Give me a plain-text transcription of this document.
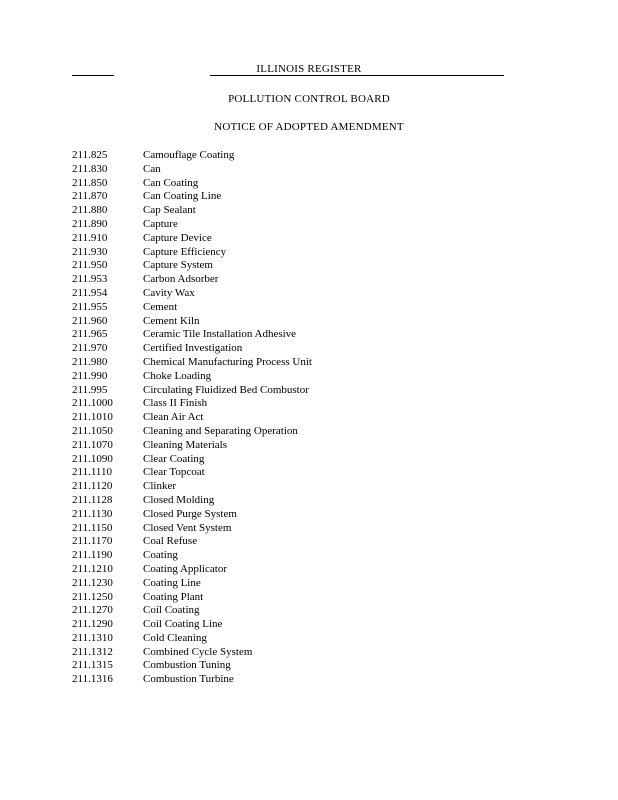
ILLINOIS REGISTER
POLLUTION CONTROL BOARD
NOTICE OF ADOPTED AMENDMENT
211.825	Camouflage Coating
211.830	Can
211.850	Can Coating
211.870	Can Coating Line
211.880	Cap Sealant
211.890	Capture
211.910	Capture Device
211.930	Capture Efficiency
211.950	Capture System
211.953	Carbon Adsorber
211.954	Cavity Wax
211.955	Cement
211.960	Cement Kiln
211.965	Ceramic Tile Installation Adhesive
211.970	Certified Investigation
211.980	Chemical Manufacturing Process Unit
211.990	Choke Loading
211.995	Circulating Fluidized Bed Combustor
211.1000	Class II Finish
211.1010	Clean Air Act
211.1050	Cleaning and Separating Operation
211.1070	Cleaning Materials
211.1090	Clear Coating
211.1110	Clear Topcoat
211.1120	Clinker
211.1128	Closed Molding
211.1130	Closed Purge System
211.1150	Closed Vent System
211.1170	Coal Refuse
211.1190	Coating
211.1210	Coating Applicator
211.1230	Coating Line
211.1250	Coating Plant
211.1270	Coil Coating
211.1290	Coil Coating Line
211.1310	Cold Cleaning
211.1312	Combined Cycle System
211.1315	Combustion Tuning
211.1316	Combustion Turbine
